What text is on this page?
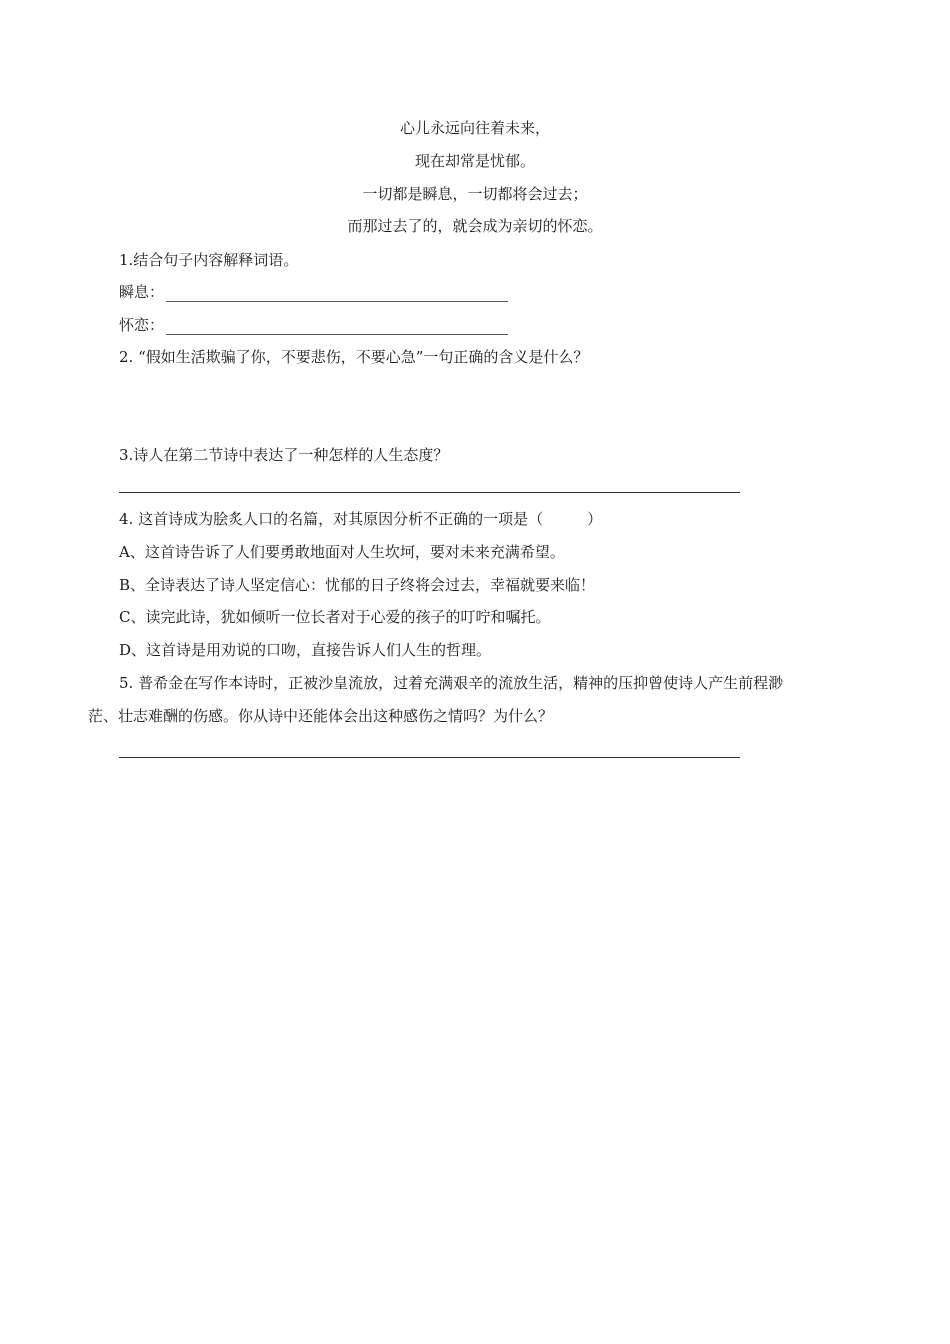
心儿永远向往着未来，
现在却常是忧郁。
一切都是瞬息，一切都将会过去；
而那过去了的，就会成为亲切的怀恋。
1.结合句子内容解释词语。
瞬息：
怀恋：
2. “假如生活欺骗了你，不要悲伤，不要心急”一句正确的含义是什么？
3.诗人在第二节诗中表达了一种怎样的人生态度？
4. 这首诗成为脍炙人口的名篇，对其原因分析不正确的一项是（	）
A、这首诗告诉了人们要勇敢地面对人生坎坷，要对未来充满希望。
B、全诗表达了诗人坚定信心：忧郁的日子终将会过去，幸福就要来临！
C、读完此诗，犹如倾听一位长者对于心爱的孩子的叮咛和嘱托。
D、这首诗是用劝说的口吻，直接告诉人们人生的哲理。
5. 普希金在写作本诗时，正被沙皇流放，过着充满艰辛的流放生活，精神的压抑曾使诗人产生前程渺
茫、壮志难酬的伤感。你从诗中还能体会出这种感伤之情吗？为什么？
